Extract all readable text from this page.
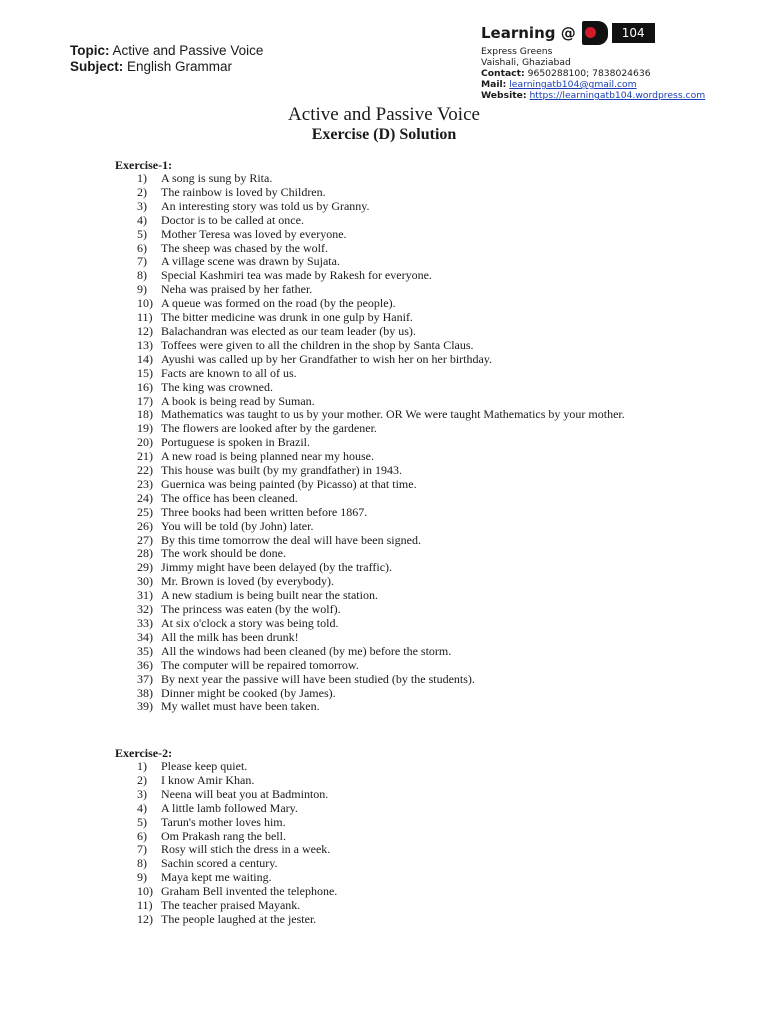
Topic: Active and Passive Voice
Subject: English Grammar
Learning @	104
Express Greens
Vaishali, Ghaziabad
Contact: 9650288100; 7838024636
Mail: learningatb104@gmail.com
Website: https://learningatb104.wordpress.com
Active and Passive Voice
Exercise (D) Solution
Exercise-1:
1)	A song is sung by Rita.
2)	The rainbow is loved by Children.
3)	An interesting story was told us by Granny.
4)	Doctor is to be called at once.
5)	Mother Teresa was loved by everyone.
6)	The sheep was chased by the wolf.
7)	A village scene was drawn by Sujata.
8)	Special Kashmiri tea was made by Rakesh for everyone.
9)	Neha was praised by her father.
10) A queue was formed on the road (by the people).
11) The bitter medicine was drunk in one gulp by Hanif.
12) Balachandran was elected as our team leader (by us).
13) Toffees were given to all the children in the shop by Santa Claus.
14) Ayushi was called up by her Grandfather to wish her on her birthday.
15) Facts are known to all of us.
16) The king was crowned.
17) A book is being read by Suman.
18) Mathematics was taught to us by your mother. OR We were taught Mathematics by your mother.
19) The flowers are looked after by the gardener.
20) Portuguese is spoken in Brazil.
21) A new road is being planned near my house.
22) This house was built (by my grandfather) in 1943.
23) Guernica was being painted (by Picasso) at that time.
24) The office has been cleaned.
25) Three books had been written before 1867.
26) You will be told (by John) later.
27) By this time tomorrow the deal will have been signed.
28) The work should be done.
29) Jimmy might have been delayed (by the traffic).
30) Mr. Brown is loved (by everybody).
31) A new stadium is being built near the station.
32) The princess was eaten (by the wolf).
33) At six o'clock a story was being told.
34) All the milk has been drunk!
35) All the windows had been cleaned (by me) before the storm.
36) The computer will be repaired tomorrow.
37) By next year the passive will have been studied (by the students).
38) Dinner might be cooked (by James).
39) My wallet must have been taken.
Exercise-2:
1)	Please keep quiet.
2)	I know Amir Khan.
3)	Neena will beat you at Badminton.
4)	A little lamb followed Mary.
5)	Tarun's mother loves him.
6)	Om Prakash rang the bell.
7)	Rosy will stich the dress in a week.
8)	Sachin scored a century.
9)	Maya kept me waiting.
10) Graham Bell invented the telephone.
11) The teacher praised Mayank.
12) The people laughed at the jester.
